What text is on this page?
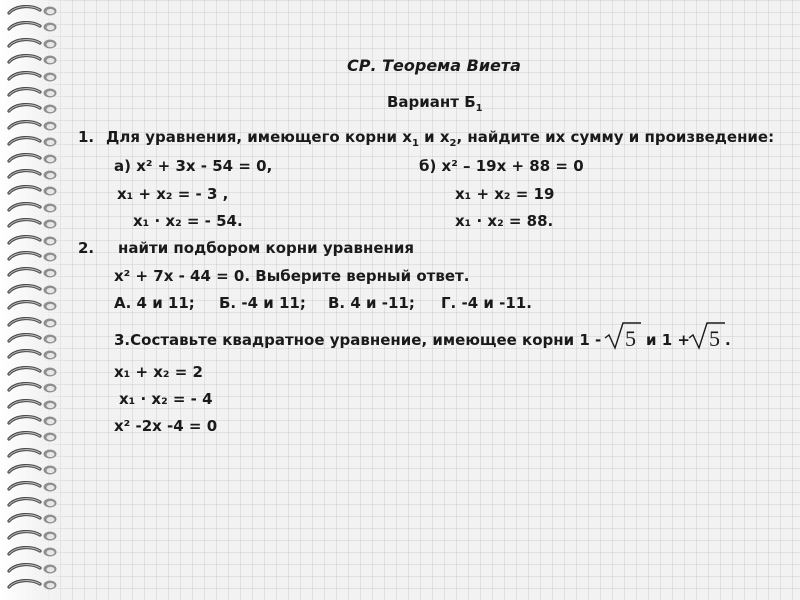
СР. Теорема Виета
Вариант $Б_1$
1. Для уравнения, имеющего корни $х_1$ и $х_2$, найдите их сумму и произведение:
а) х² + 3х - 54 = 0,	б) х² – 19х + 88 = 0
х₁ + х₂ = - 3 ,	х₁ + х₂ = 19
х₁ · х₂ = - 54.	х₁ · х₂ = 88.
2. найти подбором корни уравнения
х² + 7х - 44 = 0. Выберите верный ответ.
А. 4 и 11; Б. -4 и 11; В. 4 и -11; Г. -4 и -11.
3.Составьте квадратное уравнение, имеющее корни 1 - 5 и 1 + 5 .
х₁ + х₂ = 2
х₁ · х₂ = - 4
х² -2х -4 = 0
